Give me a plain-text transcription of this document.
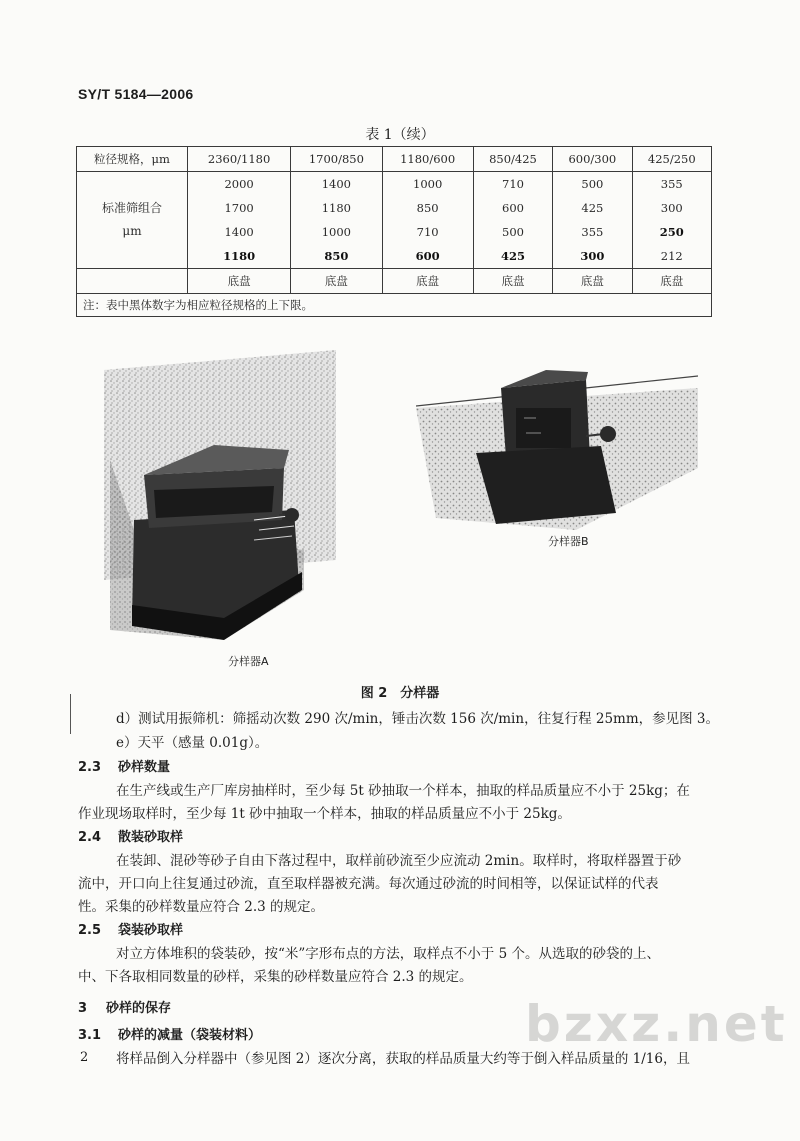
SY/T 5184—2006
表 1（续）
粒径规格，μm	2360/1180	1700/850	1180/600	850/425	600/300	425/250
标准筛组合
μm	2000	1400	1000	710	500	355
	1700	1180	850	600	425	300
	1400	1000	710	500	355	250
	1180	850	600	425	300	212
	底盘	底盘	底盘	底盘	底盘	底盘
注：表中黑体数字为相应粒径规格的上下限。						
分样器A
分样器B
图 2　分样器
d）测试用振筛机：筛摇动次数 290 次/min，锤击次数 156 次/min，往复行程 25mm，参见图 3。
e）天平（感量 0.01g）。
2.3 砂样数量
在生产线或生产厂库房抽样时，至少每 5t 砂抽取一个样本，抽取的样品质量应不小于 25kg；在
作业现场取样时，至少每 1t 砂中抽取一个样本，抽取的样品质量应不小于 25kg。
2.4 散装砂取样
在装卸、混砂等砂子自由下落过程中，取样前砂流至少应流动 2min。取样时，将取样器置于砂
流中，开口向上往复通过砂流，直至取样器被充满。每次通过砂流的时间相等，以保证试样的代表
性。采集的砂样数量应符合 2.3 的规定。
2.5 袋装砂取样
对立方体堆积的袋装砂，按“米”字形布点的方法，取样点不小于 5 个。从选取的砂袋的上、
中、下各取相同数量的砂样，采集的砂样数量应符合 2.3 的规定。
3 砂样的保存
3.1 砂样的减量（袋装材料）
将样品倒入分样器中（参见图 2）逐次分离，获取的样品质量大约等于倒入样品质量的 1/16，且
bzxz.net
2
